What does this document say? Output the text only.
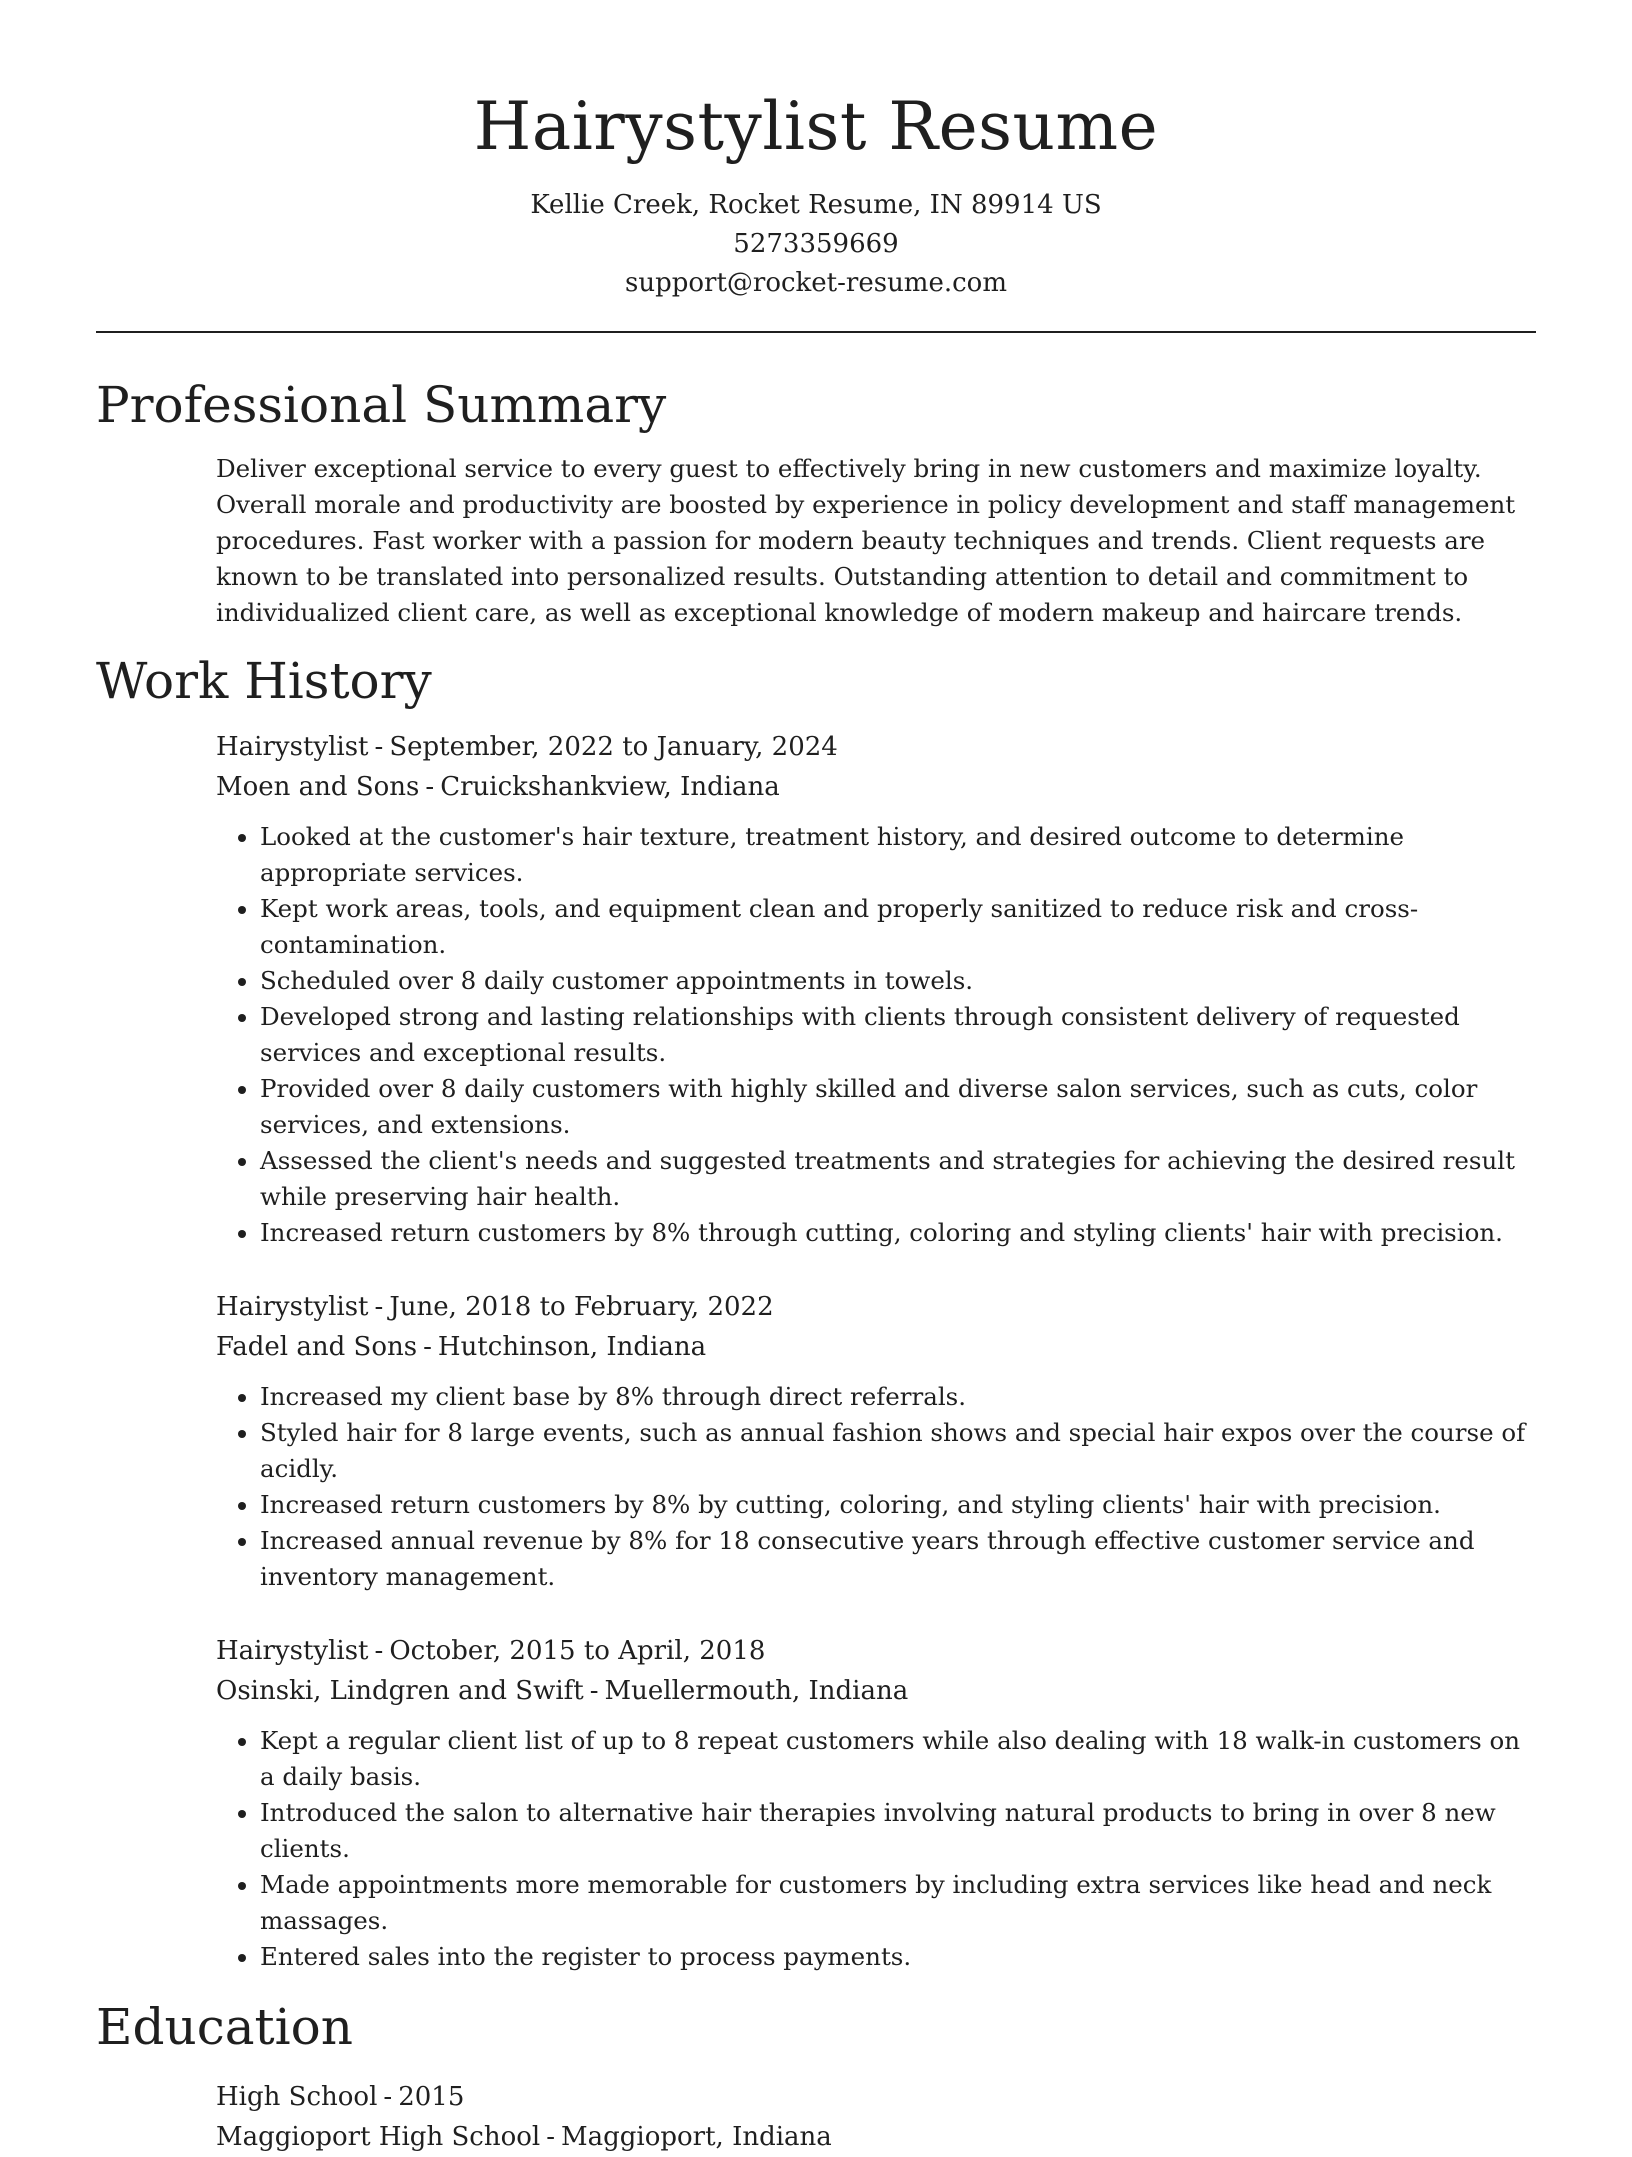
Hairystylist Resume
Kellie Creek, Rocket Resume, IN 89914 US
5273359669
support@rocket-resume.com
Professional Summary

Deliver exceptional service to every guest to effectively bring in new customers and maximize loyalty. Overall morale and productivity are boosted by experience in policy development and staff management procedures. Fast worker with a passion for modern beauty techniques and trends. Client requests are known to be translated into personalized results. Outstanding attention to detail and commitment to individualized client care, as well as exceptional knowledge of modern makeup and haircare trends.

Work History
Hairystylist - September, 2022 to January, 2024
Moen and Sons - Cruickshankview, Indiana
• Looked at the customer's hair texture, treatment history, and desired outcome to determine appropriate services.
• Kept work areas, tools, and equipment clean and properly sanitized to reduce risk and cross-contamination.
• Scheduled over 8 daily customer appointments in towels.
• Developed strong and lasting relationships with clients through consistent delivery of requested services and exceptional results.
• Provided over 8 daily customers with highly skilled and diverse salon services, such as cuts, color services, and extensions.
• Assessed the client's needs and suggested treatments and strategies for achieving the desired result while preserving hair health.
• Increased return customers by 8% through cutting, coloring and styling clients' hair with precision.
Hairystylist - June, 2018 to February, 2022
Fadel and Sons - Hutchinson, Indiana
• Increased my client base by 8% through direct referrals.
• Styled hair for 8 large events, such as annual fashion shows and special hair expos over the course of acidly.
• Increased return customers by 8% by cutting, coloring, and styling clients' hair with precision.
• Increased annual revenue by 8% for 18 consecutive years through effective customer service and inventory management.
Hairystylist - October, 2015 to April, 2018
Osinski, Lindgren and Swift - Muellermouth, Indiana
• Kept a regular client list of up to 8 repeat customers while also dealing with 18 walk-in customers on a daily basis.
• Introduced the salon to alternative hair therapies involving natural products to bring in over 8 new clients.
• Made appointments more memorable for customers by including extra services like head and neck massages.
• Entered sales into the register to process payments.
Education
High School - 2015
Maggioport High School - Maggioport, Indiana
